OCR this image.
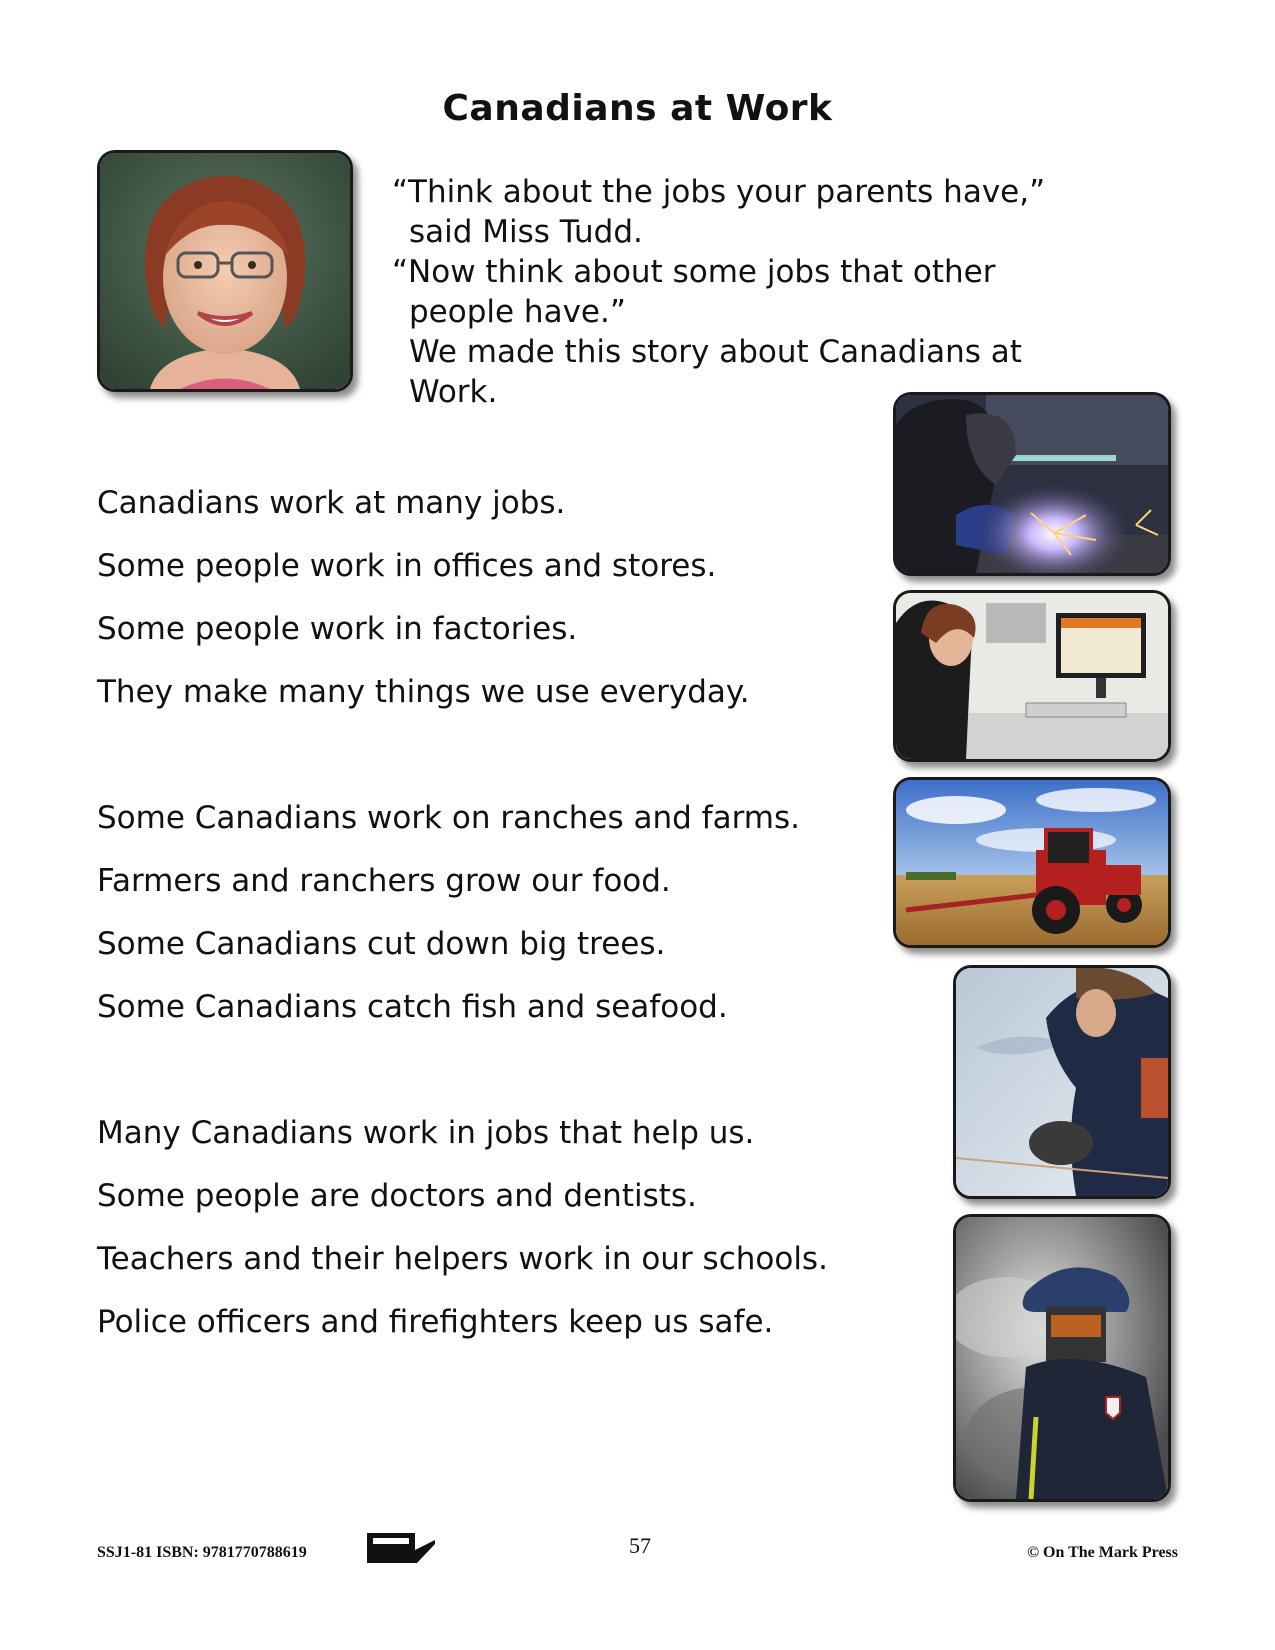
Canadians at Work
“Think about the jobs your parents have,”
said Miss Tudd.
“Now think about some jobs that other
people have.”
We made this story about Canadians at
Work.
Canadians work at many jobs.
Some people work in offices and stores.
Some people work in factories.
They make many things we use everyday.
Some Canadians work on ranches and farms.
Farmers and ranchers grow our food.
Some Canadians cut down big trees.
Some Canadians catch fish and seafood.
Many Canadians work in jobs that help us.
Some people are doctors and dentists.
Teachers and their helpers work in our schools.
Police officers and firefighters keep us safe.
SSJ1-81 ISBN: 9781770788619	57	© On The Mark Press
